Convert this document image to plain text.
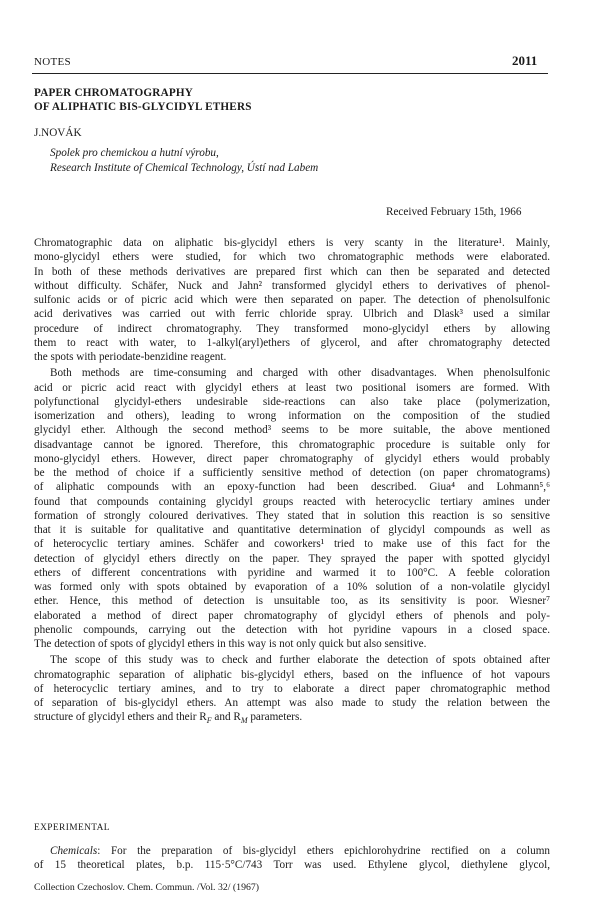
NOTES	2011
PAPER CHROMATOGRAPHY
OF ALIPHATIC BIS-GLYCIDYL ETHERS
J.NOVÁK
Spolek pro chemickou a hutní výrobu,
Research Institute of Chemical Technology, Ústí nad Labem
Received February 15th, 1966
Chromatographic data on aliphatic bis-glycidyl ethers is very scanty in the literature¹. Mainly,
mono-glycidyl ethers were studied, for which two chromatographic methods were elaborated.
In both of these methods derivatives are prepared first which can then be separated and detected
without difficulty. Schäfer, Nuck and Jahn² transformed glycidyl ethers to derivatives of phenol-
sulfonic acids or of picric acid which were then separated on paper. The detection of phenolsulfonic
acid derivatives was carried out with ferric chloride spray. Ulbrich and Dlask³ used a similar
procedure of indirect chromatography. They transformed mono-glycidyl ethers by allowing
them to react with water, to 1-alkyl(aryl)ethers of glycerol, and after chromatography detected
the spots with periodate-benzidine reagent.
Both methods are time-consuming and charged with other disadvantages. When phenolsulfonic
acid or picric acid react with glycidyl ethers at least two positional isomers are formed. With
polyfunctional glycidyl-ethers undesirable side-reactions can also take place (polymerization,
isomerization and others), leading to wrong information on the composition of the studied
glycidyl ether. Although the second method³ seems to be more suitable, the above mentioned
disadvantage cannot be ignored. Therefore, this chromatographic procedure is suitable only for
mono-glycidyl ethers. However, direct paper chromatography of glycidyl ethers would probably
be the method of choice if a sufficiently sensitive method of detection (on paper chromatograms)
of aliphatic compounds with an epoxy-function had been described. Giua⁴ and Lohmann⁵,⁶
found that compounds containing glycidyl groups reacted with heterocyclic tertiary amines under
formation of strongly coloured derivatives. They stated that in solution this reaction is so sensitive
that it is suitable for qualitative and quantitative determination of glycidyl compounds as well as
of heterocyclic tertiary amines. Schäfer and coworkers¹ tried to make use of this fact for the
detection of glycidyl ethers directly on the paper. They sprayed the paper with spotted glycidyl
ethers of different concentrations with pyridine and warmed it to 100°C. A feeble coloration
was formed only with spots obtained by evaporation of a 10% solution of a non-volatile glycidyl
ether. Hence, this method of detection is unsuitable too, as its sensitivity is poor. Wiesner⁷
elaborated a method of direct paper chromatography of glycidyl ethers of phenols and poly-
phenolic compounds, carrying out the detection with hot pyridine vapours in a closed space.
The detection of spots of glycidyl ethers in this way is not only quick but also sensitive.
The scope of this study was to check and further elaborate the detection of spots obtained after
chromatographic separation of aliphatic bis-glycidyl ethers, based on the influence of hot vapours
of heterocyclic tertiary amines, and to try to elaborate a direct paper chromatographic method
of separation of bis-glycidyl ethers. An attempt was also made to study the relation between the
structure of glycidyl ethers and their $R_F$ and $R_M$ parameters.
EXPERIMENTAL
Chemicals: For the preparation of bis-glycidyl ethers epichlorohydrine rectified on a column
of 15 theoretical plates, b.p. 115·5°C/743 Torr was used. Ethylene glycol, diethylene glycol,
Collection Czechoslov. Chem. Commun. /Vol. 32/ (1967)
